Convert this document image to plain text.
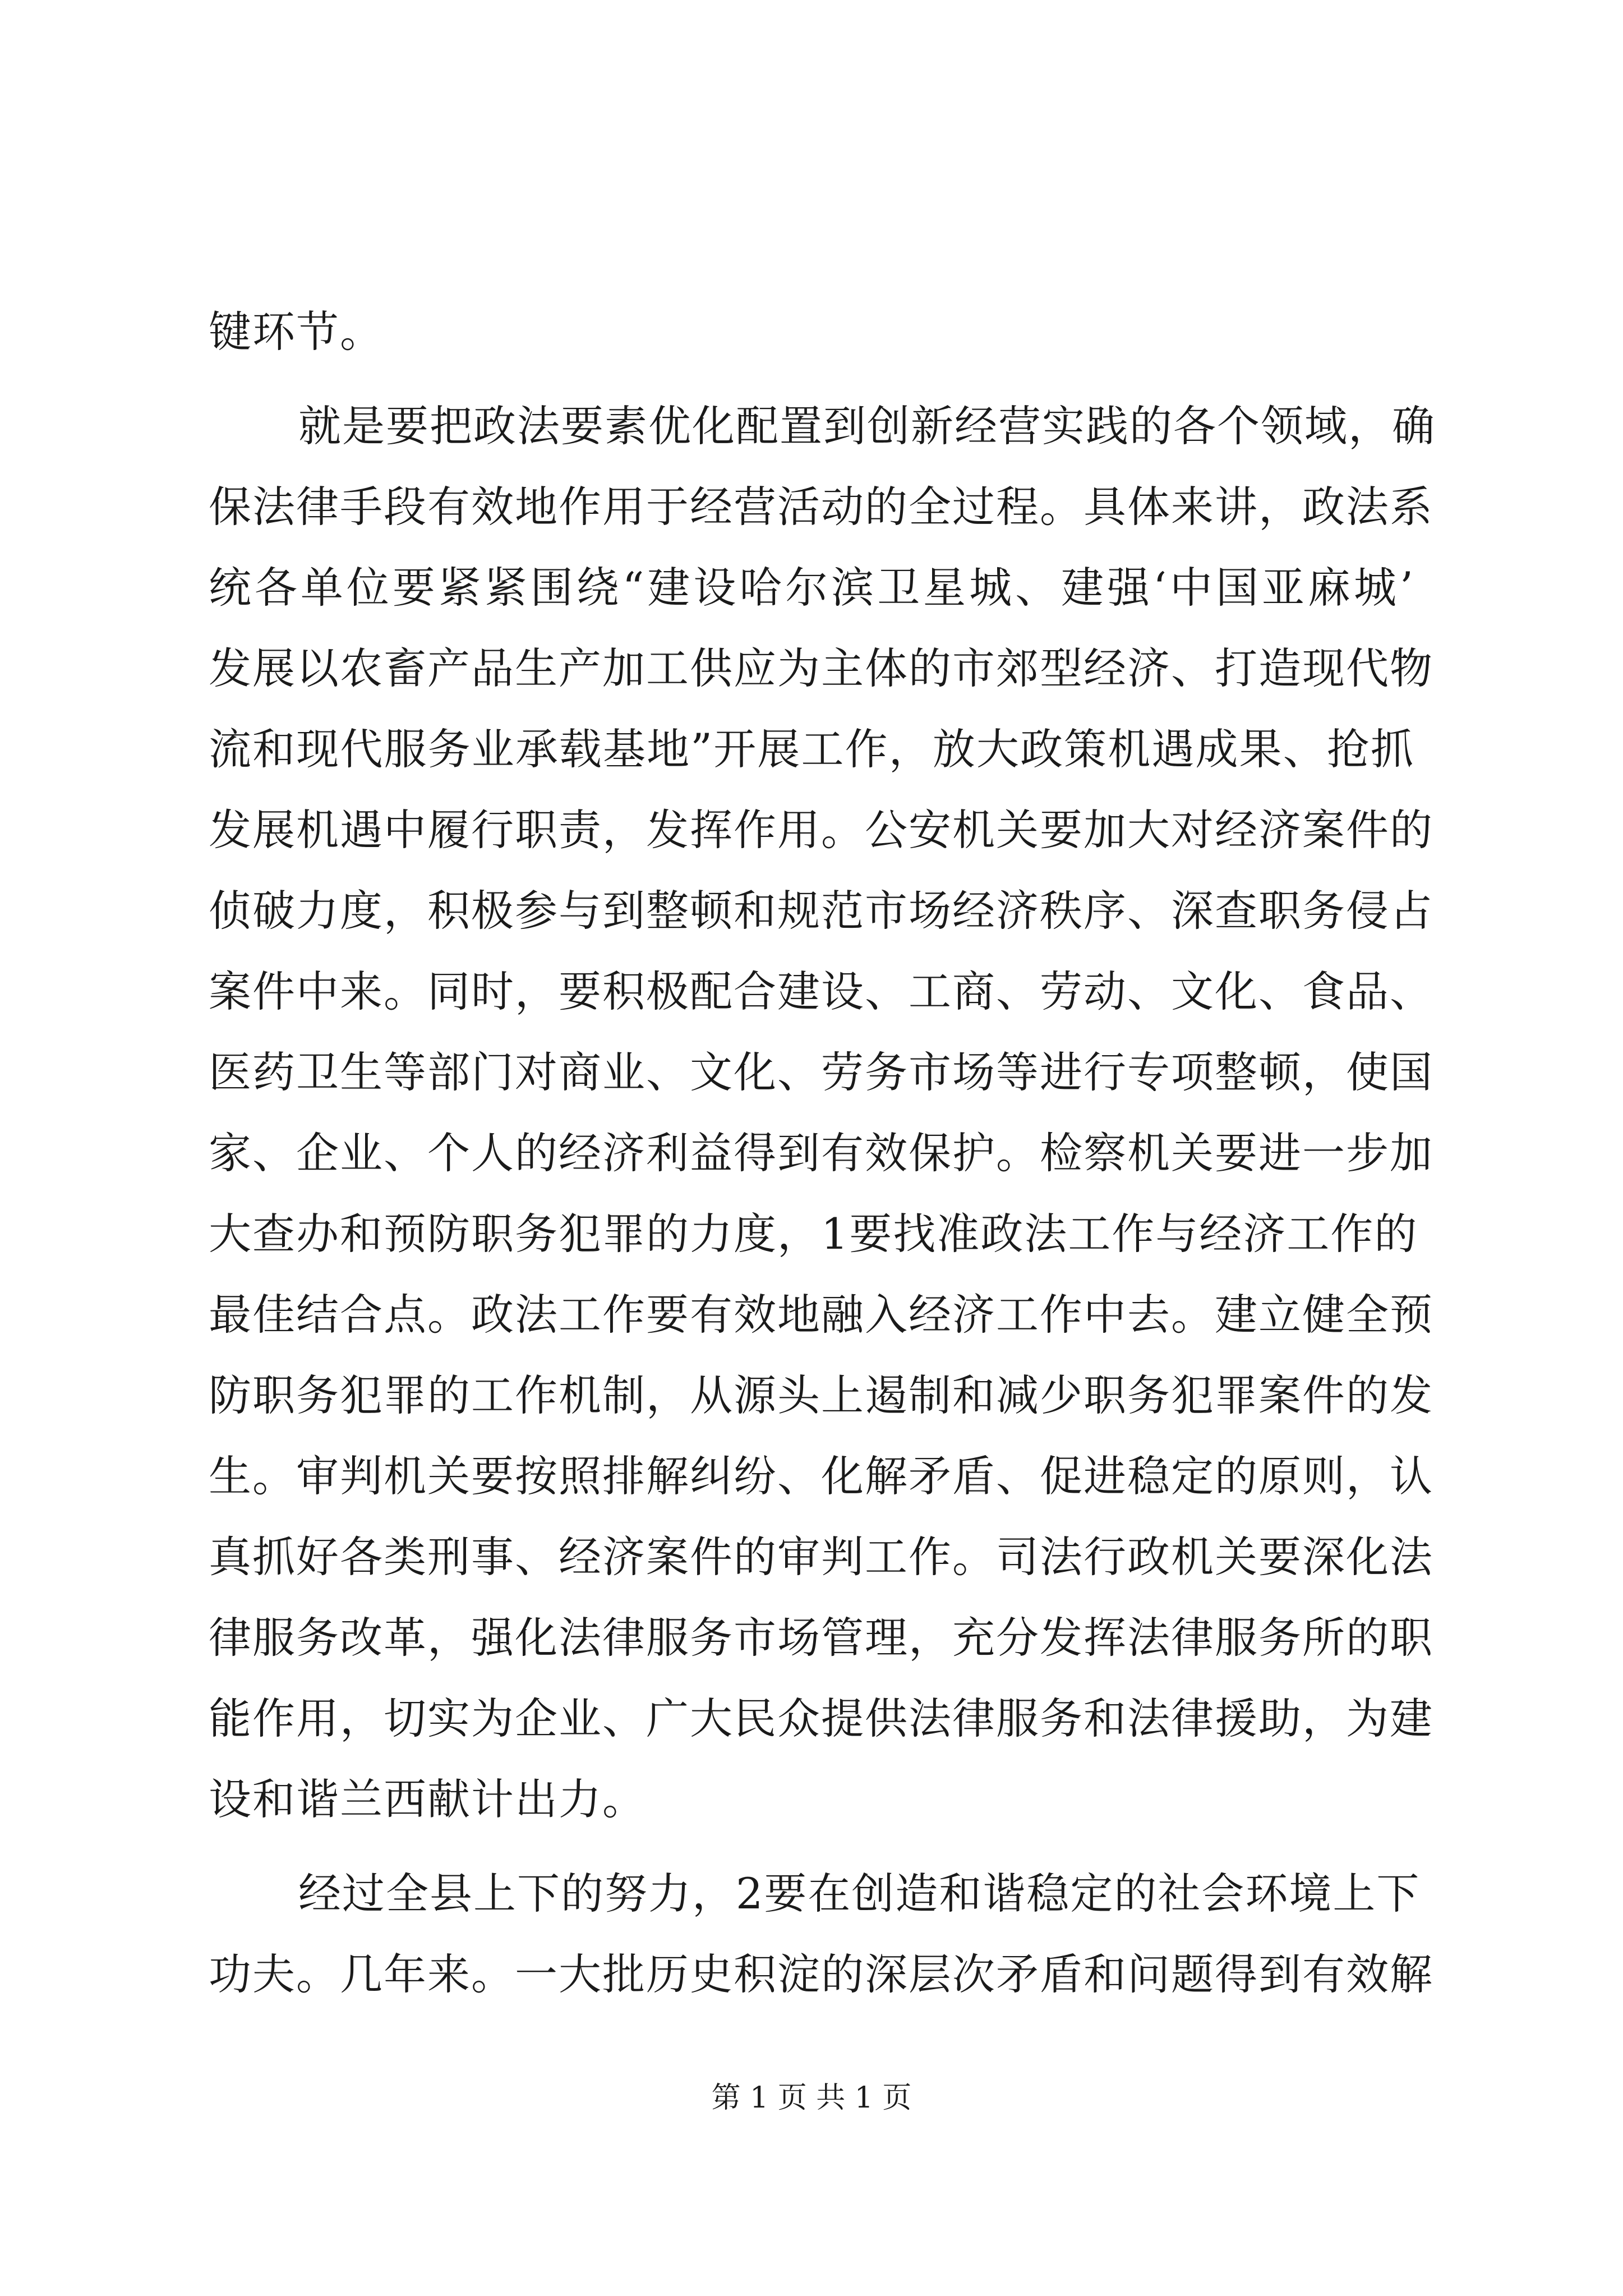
键环节。
就是要把政法要素优化配置到创新经营实践的各个领域，确
保法律手段有效地作用于经营活动的全过程。具体来讲，政法系
统各单位要紧紧围绕“建设哈尔滨卫星城、建强‘中国亚麻城’
发展以农畜产品生产加工供应为主体的市郊型经济、打造现代物
流和现代服务业承载基地”开展工作，放大政策机遇成果、抢抓
发展机遇中履行职责，发挥作用。公安机关要加大对经济案件的
侦破力度，积极参与到整顿和规范市场经济秩序、深查职务侵占
案件中来。同时，要积极配合建设、工商、劳动、文化、食品、
医药卫生等部门对商业、文化、劳务市场等进行专项整顿，使国
家、企业、个人的经济利益得到有效保护。检察机关要进一步加
大查办和预防职务犯罪的力度，1要找准政法工作与经济工作的
最佳结合点。政法工作要有效地融入经济工作中去。建立健全预
防职务犯罪的工作机制，从源头上遏制和减少职务犯罪案件的发
生。审判机关要按照排解纠纷、化解矛盾、促进稳定的原则，认
真抓好各类刑事、经济案件的审判工作。司法行政机关要深化法
律服务改革，强化法律服务市场管理，充分发挥法律服务所的职
能作用，切实为企业、广大民众提供法律服务和法律援助，为建
设和谐兰西献计出力。
经过全县上下的努力，2要在创造和谐稳定的社会环境上下
功夫。几年来。一大批历史积淀的深层次矛盾和问题得到有效解
第 1 页 共 1 页
